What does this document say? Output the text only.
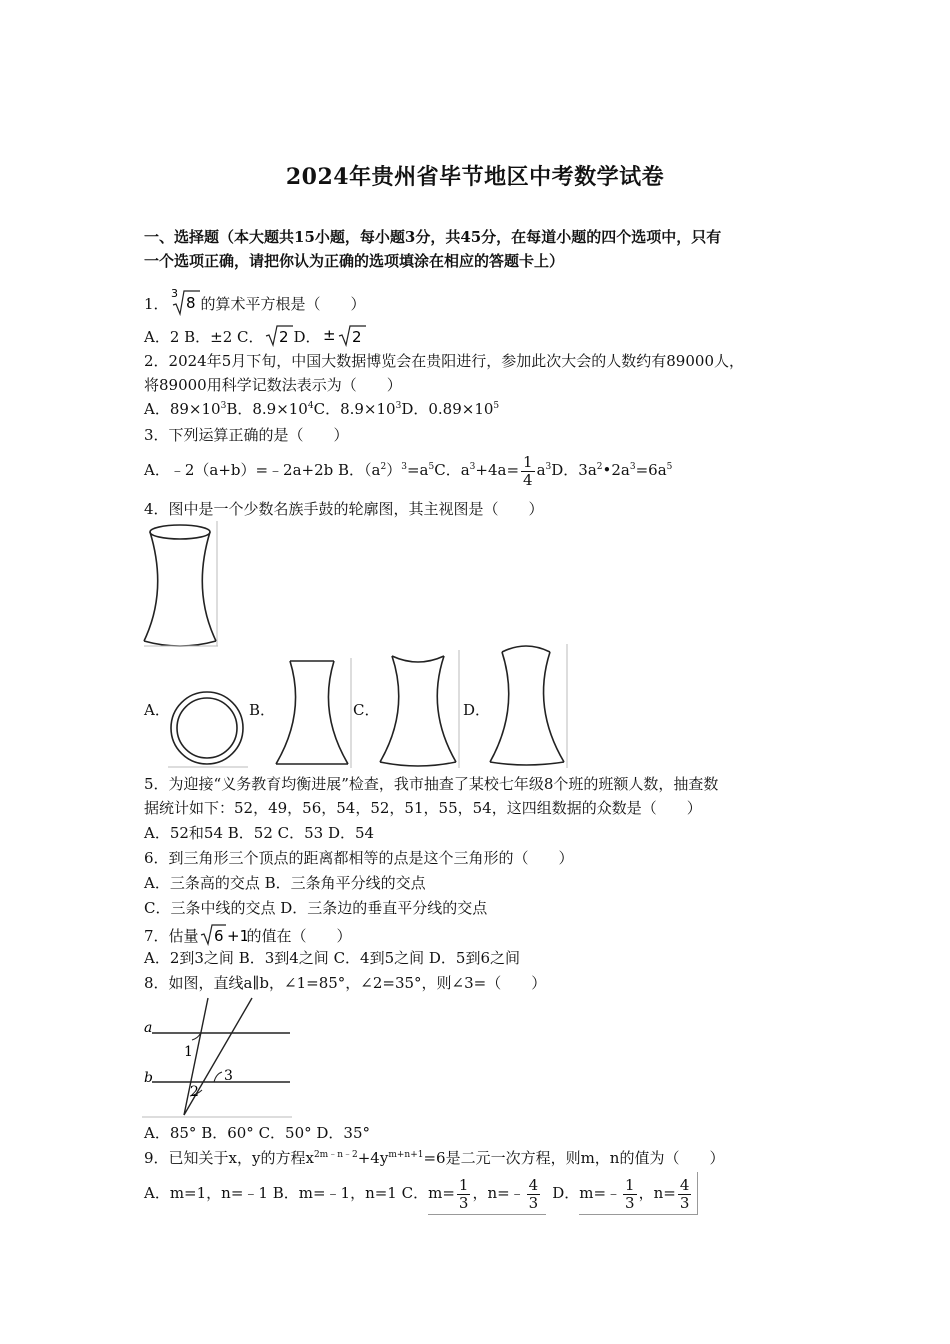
2024年贵州省毕节地区中考数学试卷
一、选择题（本大题共15小题，每小题3分，共45分，在每道小题的四个选项中，只有
一个选项正确，请把你认为正确的选项填涂在相应的答题卡上）
1．
3
8 的算术平方根是（　　）
A．2 B．±2 C． 2 D． ± 2
2．2024年5月下旬，中国大数据博览会在贵阳进行，参加此次大会的人数约有89000人，
将89000用科学记数法表示为（　　）
A．$89\times 10^3B$．$8.9\times 10^4C$．$8.9\times 10^3D$．$0.89\times 10^5$
3．下列运算正确的是（　　）
A．﹣2（a+b）=﹣2a+2b B．$(a^2)^3=a^5C$．$a^3+4a= \frac{1}{4} a^3D$．$3a^2•2a^3=6a^5$
4．图中是一个少数名族手鼓的轮廓图，其主视图是（　　）
A．	B．	C．	D．
5．为迎接“义务教育均衡进展”检查，我市抽查了某校七年级8个班的班额人数，抽查数
据统计如下：52，49，56，54，52，51，55，54，这四组数据的众数是（　　）
A．52和54 B．52 C．53 D．54
6．到三角形三个顶点的距离都相等的点是这个三角形的（　　）
A．三条高的交点 B．三条角平分线的交点
C．三条中线的交点 D．三条边的垂直平分线的交点
7．估量 6 +1
的值在（　　）
A．2到3之间 B．3到4之间 C．4到5之间 D．5到6之间
8．如图，直线a∥b，∠1=85°，∠2=35°，则∠3=（　　）
a
b
1
2
3
A．85° B．60° C．50° D．35°
9．已知关于x，y的方程$x^{2m﹣n﹣2}+4y^{m+n+1}=6$是二元一次方程，则m，n的值为（　　）
A．m=1，n=﹣1 B．m=﹣1，n=1 C．$m= \frac{1}{3}$ ，n=﹣ $\frac{4}{3}$ D．m=﹣ $\frac{1}{3}$ ，$n= \frac{4}{3}$
